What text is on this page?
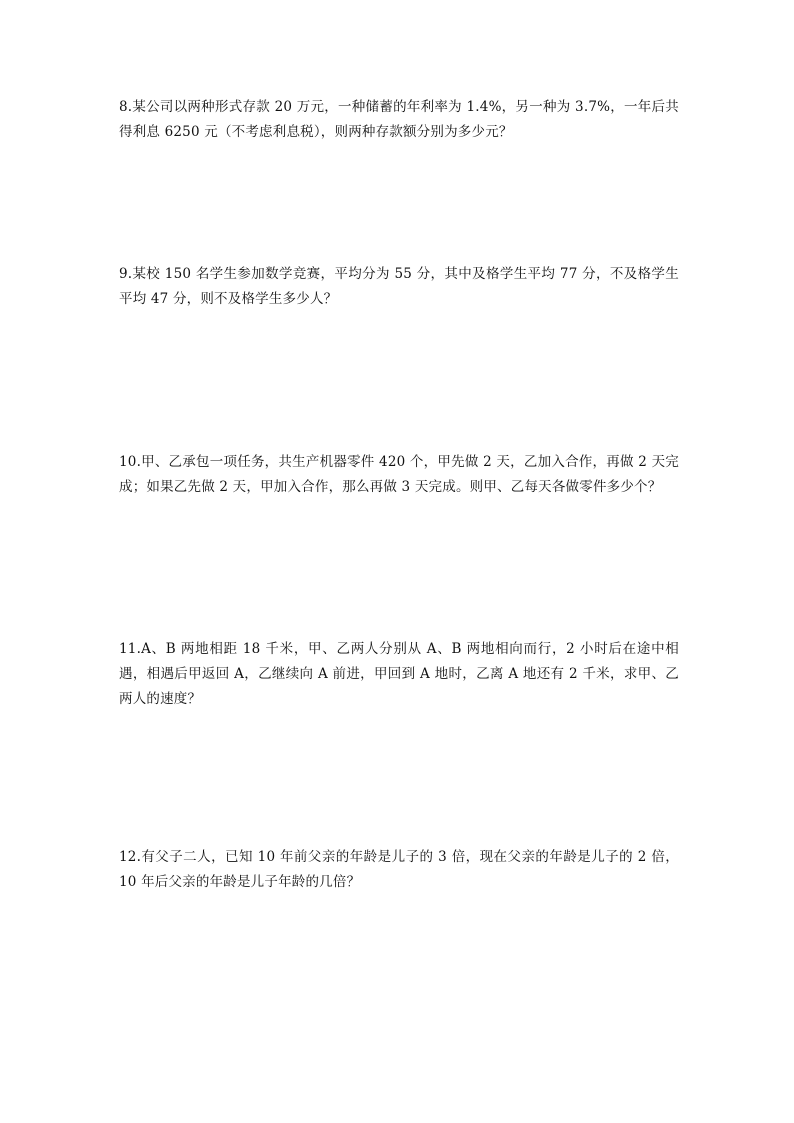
8.某公司以两种形式存款 20 万元，一种储蓄的年利率为 1.4%，另一种为 3.7%，一年后共得利息 6250 元（不考虑利息税），则两种存款额分别为多少元？

9.某校 150 名学生参加数学竞赛，平均分为 55 分，其中及格学生平均 77 分，不及格学生平均 47 分，则不及格学生多少人？

10.甲、乙承包一项任务，共生产机器零件 420 个，甲先做 2 天，乙加入合作，再做 2 天完成；如果乙先做 2 天，甲加入合作，那么再做 3 天完成。则甲、乙每天各做零件多少个？

11.A、B 两地相距 18 千米，甲、乙两人分别从 A、B 两地相向而行，2 小时后在途中相遇，相遇后甲返回 A，乙继续向 A 前进，甲回到 A 地时，乙离 A 地还有 2 千米，求甲、乙两人的速度？

12.有父子二人，已知 10 年前父亲的年龄是儿子的 3 倍，现在父亲的年龄是儿子的 2 倍，10 年后父亲的年龄是儿子年龄的几倍？
